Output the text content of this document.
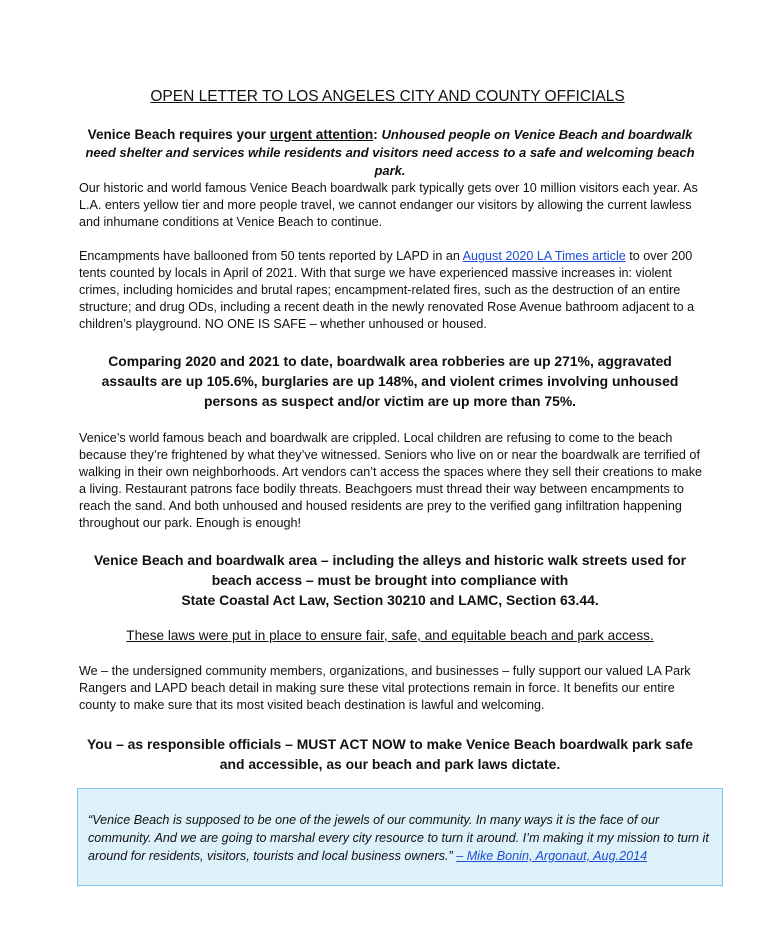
OPEN LETTER TO LOS ANGELES CITY AND COUNTY OFFICIALS
Venice Beach requires your urgent attention: Unhoused people on Venice Beach and boardwalk need shelter and services while residents and visitors need access to a safe and welcoming beach park.
Our historic and world famous Venice Beach boardwalk park typically gets over 10 million visitors each year. As L.A. enters yellow tier and more people travel, we cannot endanger our visitors by allowing the current lawless and inhumane conditions at Venice Beach to continue.
Encampments have ballooned from 50 tents reported by LAPD in an August 2020 LA Times article to over 200 tents counted by locals in April of 2021. With that surge we have experienced massive increases in: violent crimes, including homicides and brutal rapes; encampment-related fires, such as the destruction of an entire structure; and drug ODs, including a recent death in the newly renovated Rose Avenue bathroom adjacent to a children’s playground. NO ONE IS SAFE – whether unhoused or housed.
Comparing 2020 and 2021 to date, boardwalk area robberies are up 271%, aggravated assaults are up 105.6%, burglaries are up 148%, and violent crimes involving unhoused persons as suspect and/or victim are up more than 75%.
Venice’s world famous beach and boardwalk are crippled. Local children are refusing to come to the beach because they’re frightened by what they’ve witnessed. Seniors who live on or near the boardwalk are terrified of walking in their own neighborhoods. Art vendors can’t access the spaces where they sell their creations to make a living. Restaurant patrons face bodily threats. Beachgoers must thread their way between encampments to reach the sand. And both unhoused and housed residents are prey to the verified gang infiltration happening throughout our park. Enough is enough!
Venice Beach and boardwalk area – including the alleys and historic walk streets used for
beach access – must be brought into compliance with
State Coastal Act Law, Section 30210 and LAMC, Section 63.44.
These laws were put in place to ensure fair, safe, and equitable beach and park access.
We – the undersigned community members, organizations, and businesses – fully support our valued LA Park Rangers and LAPD beach detail in making sure these vital protections remain in force. It benefits our entire county to make sure that its most visited beach destination is lawful and welcoming.
You – as responsible officials – MUST ACT NOW to make Venice Beach boardwalk park safe and accessible, as our beach and park laws dictate.
“Venice Beach is supposed to be one of the jewels of our community. In many ways it is the face of our community. And we are going to marshal every city resource to turn it around. I’m making it my mission to turn it around for residents, visitors, tourists and local business owners.” – Mike Bonin, Argonaut, Aug.2014
